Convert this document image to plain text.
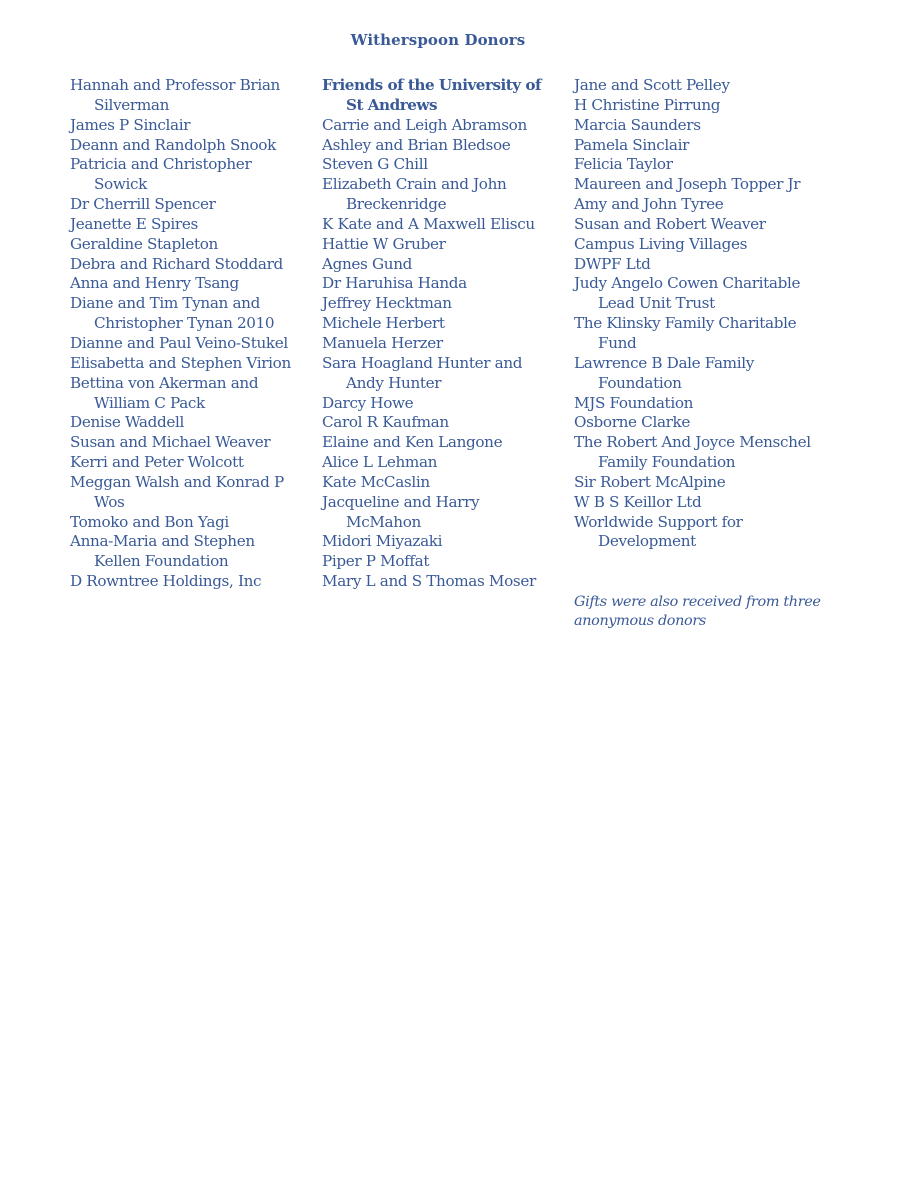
Witherspoon Donors
Hannah and Professor Brian Silverman
James P Sinclair
Deann and Randolph Snook
Patricia and Christopher Sowick
Dr Cherrill Spencer
Jeanette E Spires
Geraldine Stapleton
Debra and Richard Stoddard
Anna and Henry Tsang
Diane and Tim Tynan and Christopher Tynan 2010
Dianne and Paul Veino-Stukel
Elisabetta and Stephen Virion
Bettina von Akerman and William C Pack
Denise Waddell
Susan and Michael Weaver
Kerri and Peter Wolcott
Meggan Walsh and Konrad P Wos
Tomoko and Bon Yagi
Anna-Maria and Stephen Kellen Foundation
D Rowntree Holdings, Inc
Friends of the University of St Andrews
Carrie and Leigh Abramson
Ashley and Brian Bledsoe
Steven G Chill
Elizabeth Crain and John Breckenridge
K Kate and A Maxwell Eliscu
Hattie W Gruber
Agnes Gund
Dr Haruhisa Handa
Jeffrey Hecktman
Michele Herbert
Manuela Herzer
Sara Hoagland Hunter and Andy Hunter
Darcy Howe
Carol R Kaufman
Elaine and Ken Langone
Alice L Lehman
Kate McCaslin
Jacqueline and Harry McMahon
Midori Miyazaki
Piper P Moffat
Mary L and S Thomas Moser
Jane and Scott Pelley
H Christine Pirrung
Marcia Saunders
Pamela Sinclair
Felicia Taylor
Maureen and Joseph Topper Jr
Amy and John Tyree
Susan and Robert Weaver
Campus Living Villages
DWPF Ltd
Judy Angelo Cowen Charitable Lead Unit Trust
The Klinsky Family Charitable Fund
Lawrence B Dale Family Foundation
MJS Foundation
Osborne Clarke
The Robert And Joyce Menschel Family Foundation
Sir Robert McAlpine
W B S Keillor Ltd
Worldwide Support for Development
Gifts were also received from three anonymous donors
